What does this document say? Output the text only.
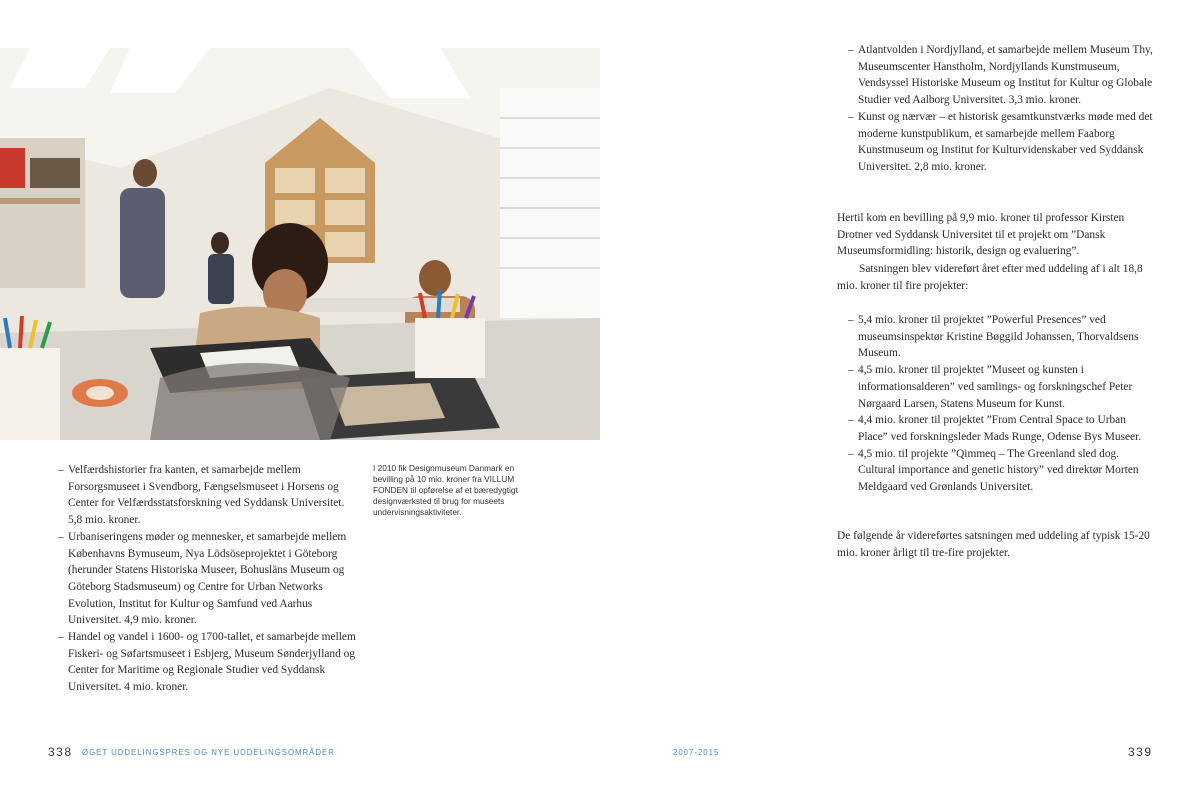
– Velfærdshistorier fra kanten, et samarbejde mellem Forsorgsmuseet i Svendborg, Fængselsmuseet i Horsens og Center for Velfærdsstatsforskning ved Syddansk Universitet. 5,8 mio. kroner.
– Urbaniseringens møder og mennesker, et samarbejde mellem Københavns Bymuseum, Nya Lödsöseprojektet i Göteborg (herunder Statens Historiska Museer, Bohusläns Museum og Göteborg Stadsmuseum) og Centre for Urban Networks Evolution, Institut for Kultur og Samfund ved Aarhus Universitet. 4,9 mio. kroner.
– Handel og vandel i 1600- og 1700-tallet, et samarbejde mellem Fiskeri- og Søfartsmuseet i Esbjerg, Museum Sønderjylland og Center for Maritime og Regionale Studier ved Syddansk Universitet. 4 mio. kroner.
I 2010 fik Designmuseum Danmark en bevilling på 10 mio. kroner fra VILLUM FONDEN til opførelse af et bæredygtigt designværksted til brug for museets undervisningsaktiviteter.
– Atlantvolden i Nordjylland, et samarbejde mellem Museum Thy, Museumscenter Hanstholm, Nordjyllands Kunstmuseum, Vendsyssel Historiske Museum og Institut for Kultur og Globale Studier ved Aalborg Universitet. 3,3 mio. kroner.
– Kunst og nærvær – et historisk gesamtkunstværks møde med det moderne kunstpublikum, et samarbejde mellem Faaborg Kunstmuseum og Institut for Kulturvidenskaber ved Syddansk Universitet. 2,8 mio. kroner.

Hertil kom en bevilling på 9,9 mio. kroner til professor Kirsten Drotner ved Syddansk Universitet til et projekt om ”Dansk Museumsformidling: historik, design og evaluering”.

Satsningen blev videreført året efter med uddeling af i alt 18,8 mio. kroner til fire projekter:

– 5,4 mio. kroner til projektet ”Powerful Presences” ved museumsinspektør Kristine Bøggild Johanssen, Thorvaldsens Museum.
– 4,5 mio. kroner til projektet ”Museet og kunsten i informationsalderen” ved samlings- og forskningschef Peter Nørgaard Larsen, Statens Museum for Kunst.
– 4,4 mio. kroner til projektet ”From Central Space to Urban Place” ved forskningsleder Mads Runge, Odense Bys Museer.
– 4,5 mio. til projekte ”Qimmeq – The Greenland sled dog. Cultural importance and genetic history” ved direktør Morten Meldgaard ved Grønlands Universitet.

De følgende år videreførtes satsningen med uddeling af typisk 15-20 mio. kroner årligt til tre-fire projekter.

338 ØGET UDDELINGSPRES OG NYE UDDELINGSOMRÅDER	2007-2015	339
